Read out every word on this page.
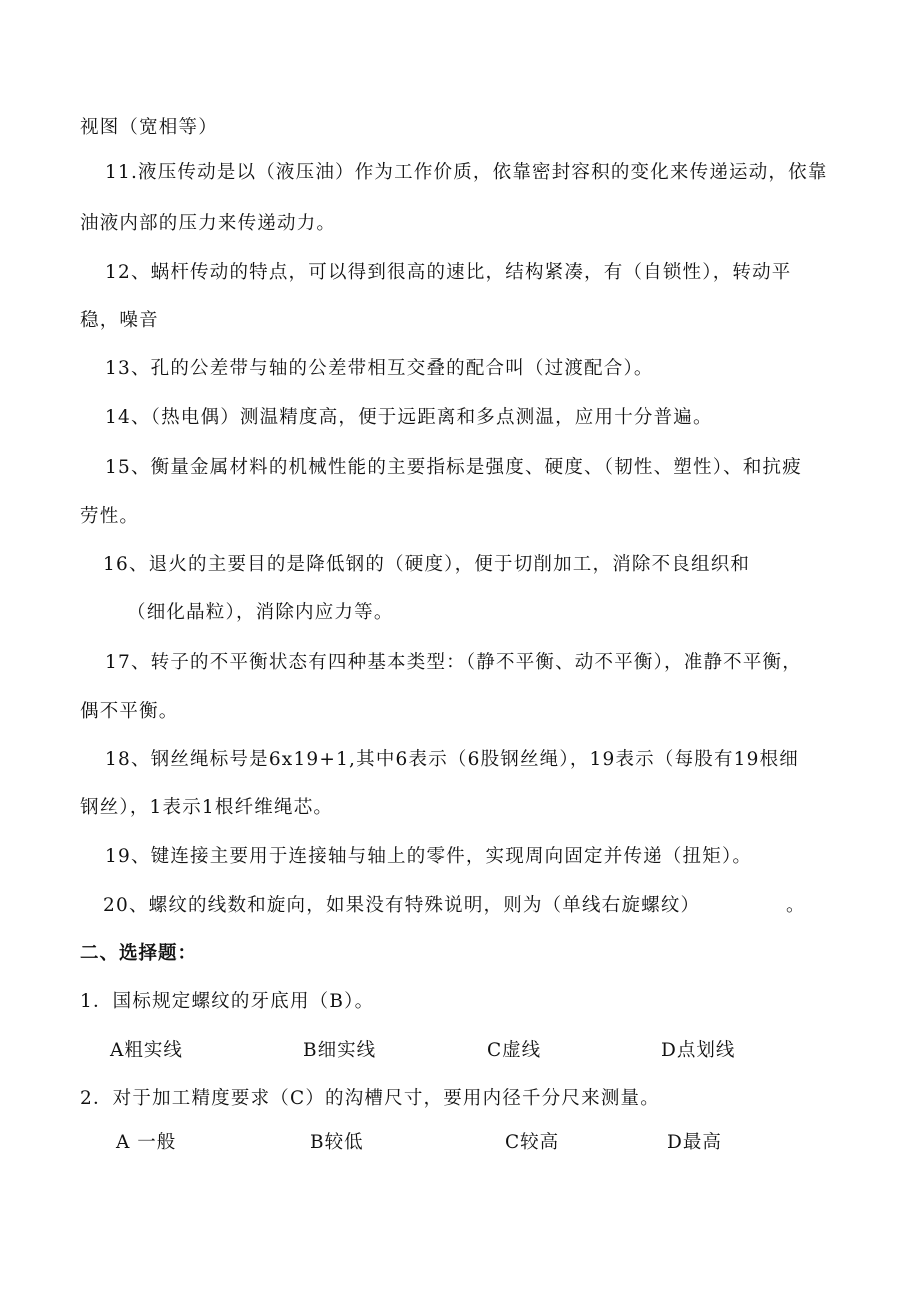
视图（宽相等）
11.液压传动是以（液压油）作为工作价质，依靠密封容积的变化来传递运动，依靠
油液内部的压力来传递动力。
12、蜗杆传动的特点，可以得到很高的速比，结构紧凑，有（自锁性），转动平
稳，噪音
13、孔的公差带与轴的公差带相互交叠的配合叫（过渡配合）。
14、（热电偶）测温精度高，便于远距离和多点测温，应用十分普遍。
15、衡量金属材料的机械性能的主要指标是强度、硬度、（韧性、塑性）、和抗疲
劳性。
16、退火的主要目的是降低钢的（硬度），便于切削加工，消除不良组织和
（细化晶粒），消除内应力等。
17、转子的不平衡状态有四种基本类型：（静不平衡、动不平衡），准静不平衡，
偶不平衡。
18、钢丝绳标号是6x19+1,其中6表示（6股钢丝绳），19表示（每股有19根细
钢丝），1表示1根纤维绳芯。
19、键连接主要用于连接轴与轴上的零件，实现周向固定并传递（扭矩）。
20、螺纹的线数和旋向，如果没有特殊说明，则为（单线右旋螺纹）	。
二、选择题：
1．国标规定螺纹的牙底用（B）。
A粗实线	B细实线	C虚线	D点划线
2．对于加工精度要求（C）的沟槽尺寸，要用内径千分尺来测量。
A 一般	B较低	C较高	D最高
